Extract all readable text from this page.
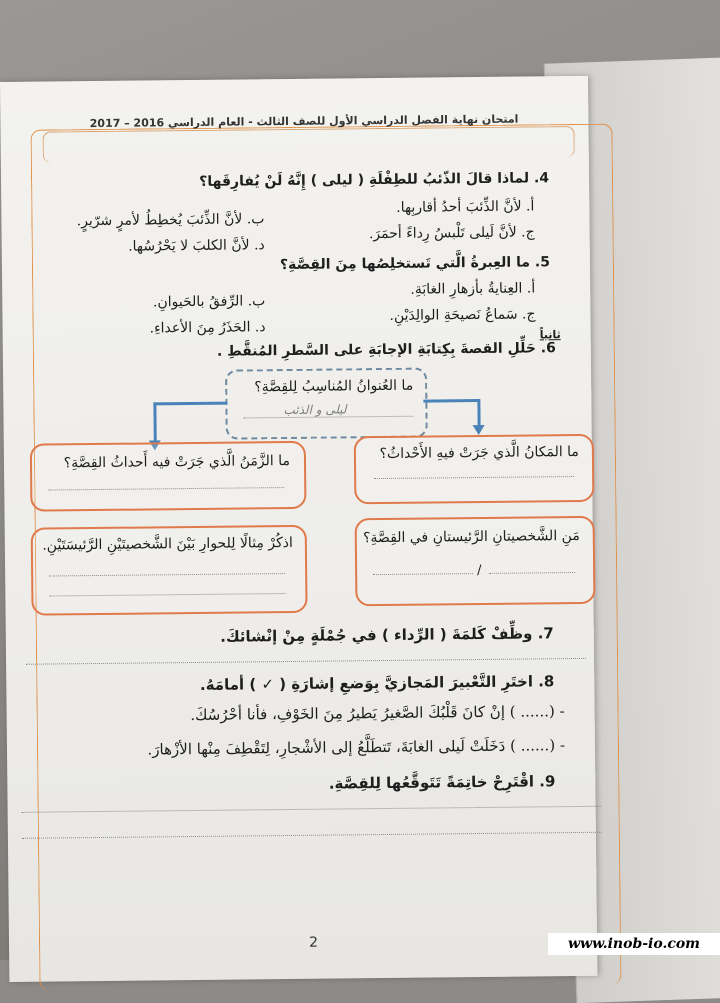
امتحان نهاية الفصل الدراسي الأول للصف الثالث - العام الدراسي 2016 – 2017
4. لماذا قالَ الذّئبُ للطِفْلَةِ ( ليلى ) إِنَّهُ لَنْ يُفارِقَها؟
أ. لأنَّ الذِّئبَ أحدُ أقاربِها.
ب. لأنَّ الذِّئبَ يُخطِطُ لأمرٍ شرّيرٍ.
ج. لأنَّ لَيلى تَلْبسُ رِداءً أحمَرَ.
د. لأنَّ الكلبَ لا يَحْرُسُها.
5. ما العِبرةُ الَّتي تَستخلِصُها مِنَ القِصَّةِ؟
أ. العِنايةُ بأزهارِ الغابَةِ.
ب. الرِّفقُ بالحَيوانِ.
ج. سَماعُ نَصيحَةِ الوالِدَيْنِ.
د. الحَذَرُ مِنَ الأعداءِ.	ثانياً
6. حَلِّلِ القصةَ بِكِتابَةِ الإجابَةِ على السَّطرِ المُنقَّطِ .
ما العُنوانُ المُناسِبُ لِلقِصَّةِ؟
ليلى و الذئب
ما المَكانُ الَّذي جَرَتْ فيهِ الأَحْداثُ؟
ما الزَّمَنُ الَّذي جَرَتْ فيه أَحداثُ القِصَّةِ؟
مَنِ الشَّخصيتانِ الرَّئيستانِ في القِصَّةِ؟
/
اذكُرْ مِثالًا لِلحوارِ بَيْنَ الشَّخصيتَيْنِ الرَّئيسَتَيْنِ.
7. وظِّفْ كَلمَةَ ( الرِّداء ) في جُمْلَةٍ مِنْ إنْشائكَ.
8. اختَرِ التَّعْبيرَ المَجازيَّ بِوَضعِ إشارَةِ ( ✓ ) أمامَهُ.
- (...... ) إنْ كانَ قَلْبُكَ الصَّغيرُ يَطيرُ مِنَ الخَوْفِ، فأنا أحْرُسُكَ.
- (...... ) دَخَلَتْ لَيلى الغابَةَ، تَتطَلَّعُ إلى الأشْجارِ، لِتَقْطِفَ مِنْها الأزْهارَ.
9. اقْتَرِحْ خاتِمَةً تَتَوقَّعُها لِلقِصَّةِ.
2	www.inob-io.com
